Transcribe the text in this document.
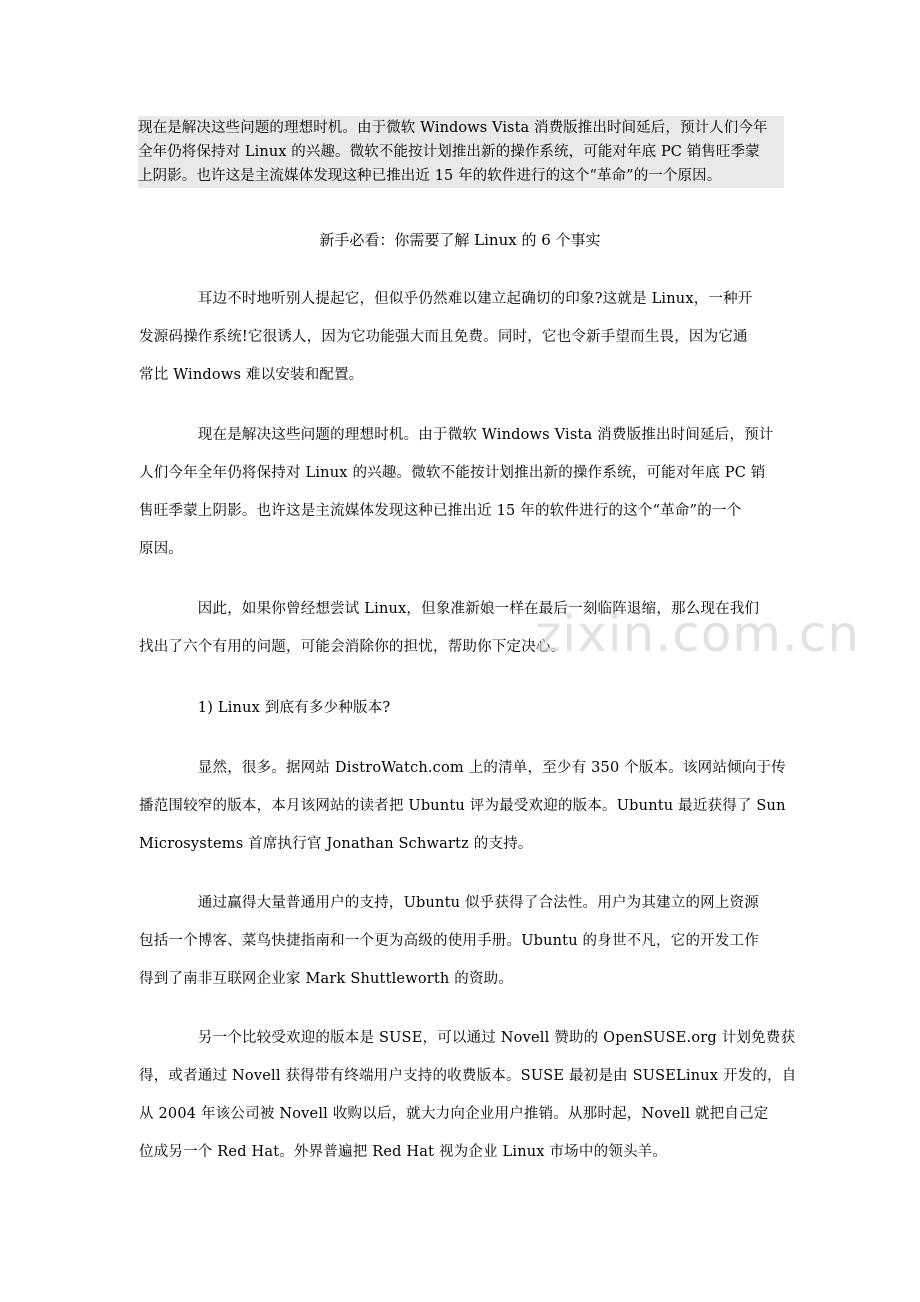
现在是解决这些问题的理想时机。由于微软 Windows Vista 消费版推出时间延后，预计人们今年
全年仍将保持对 Linux 的兴趣。微软不能按计划推出新的操作系统，可能对年底 PC 销售旺季蒙
上阴影。也许这是主流媒体发现这种已推出近 15 年的软件进行的这个“革命”的一个原因。
新手必看：你需要了解 Linux 的 6 个事实
　　　　耳边不时地听别人提起它，但似乎仍然难以建立起确切的印象?这就是 Linux，一种开
发源码操作系统!它很诱人，因为它功能强大而且免费。同时，它也令新手望而生畏，因为它通
常比 Windows 难以安装和配置。
　　　　现在是解决这些问题的理想时机。由于微软 Windows Vista 消费版推出时间延后，预计
人们今年全年仍将保持对 Linux 的兴趣。微软不能按计划推出新的操作系统，可能对年底 PC 销
售旺季蒙上阴影。也许这是主流媒体发现这种已推出近 15 年的软件进行的这个“革命”的一个
原因。
　　　　因此，如果你曾经想尝试 Linux，但象准新娘一样在最后一刻临阵退缩，那么现在我们
找出了六个有用的问题，可能会消除你的担忧，帮助你下定决心。
　　　　1) Linux 到底有多少种版本?
　　　　显然，很多。据网站 DistroWatch.com 上的清单，至少有 350 个版本。该网站倾向于传
播范围较窄的版本，本月该网站的读者把 Ubuntu 评为最受欢迎的版本。Ubuntu 最近获得了 Sun
Microsystems 首席执行官 Jonathan Schwartz 的支持。
　　　　通过赢得大量普通用户的支持，Ubuntu 似乎获得了合法性。用户为其建立的网上资源
包括一个博客、菜鸟快捷指南和一个更为高级的使用手册。Ubuntu 的身世不凡，它的开发工作
得到了南非互联网企业家 Mark Shuttleworth 的资助。
　　　　另一个比较受欢迎的版本是 SUSE，可以通过 Novell 赞助的 OpenSUSE.org 计划免费获
得，或者通过 Novell 获得带有终端用户支持的收费版本。SUSE 最初是由 SUSELinux 开发的，自
从 2004 年该公司被 Novell 收购以后，就大力向企业用户推销。从那时起，Novell 就把自己定
位成另一个 Red Hat。外界普遍把 Red Hat 视为企业 Linux 市场中的领头羊。
zixin.com.cn
